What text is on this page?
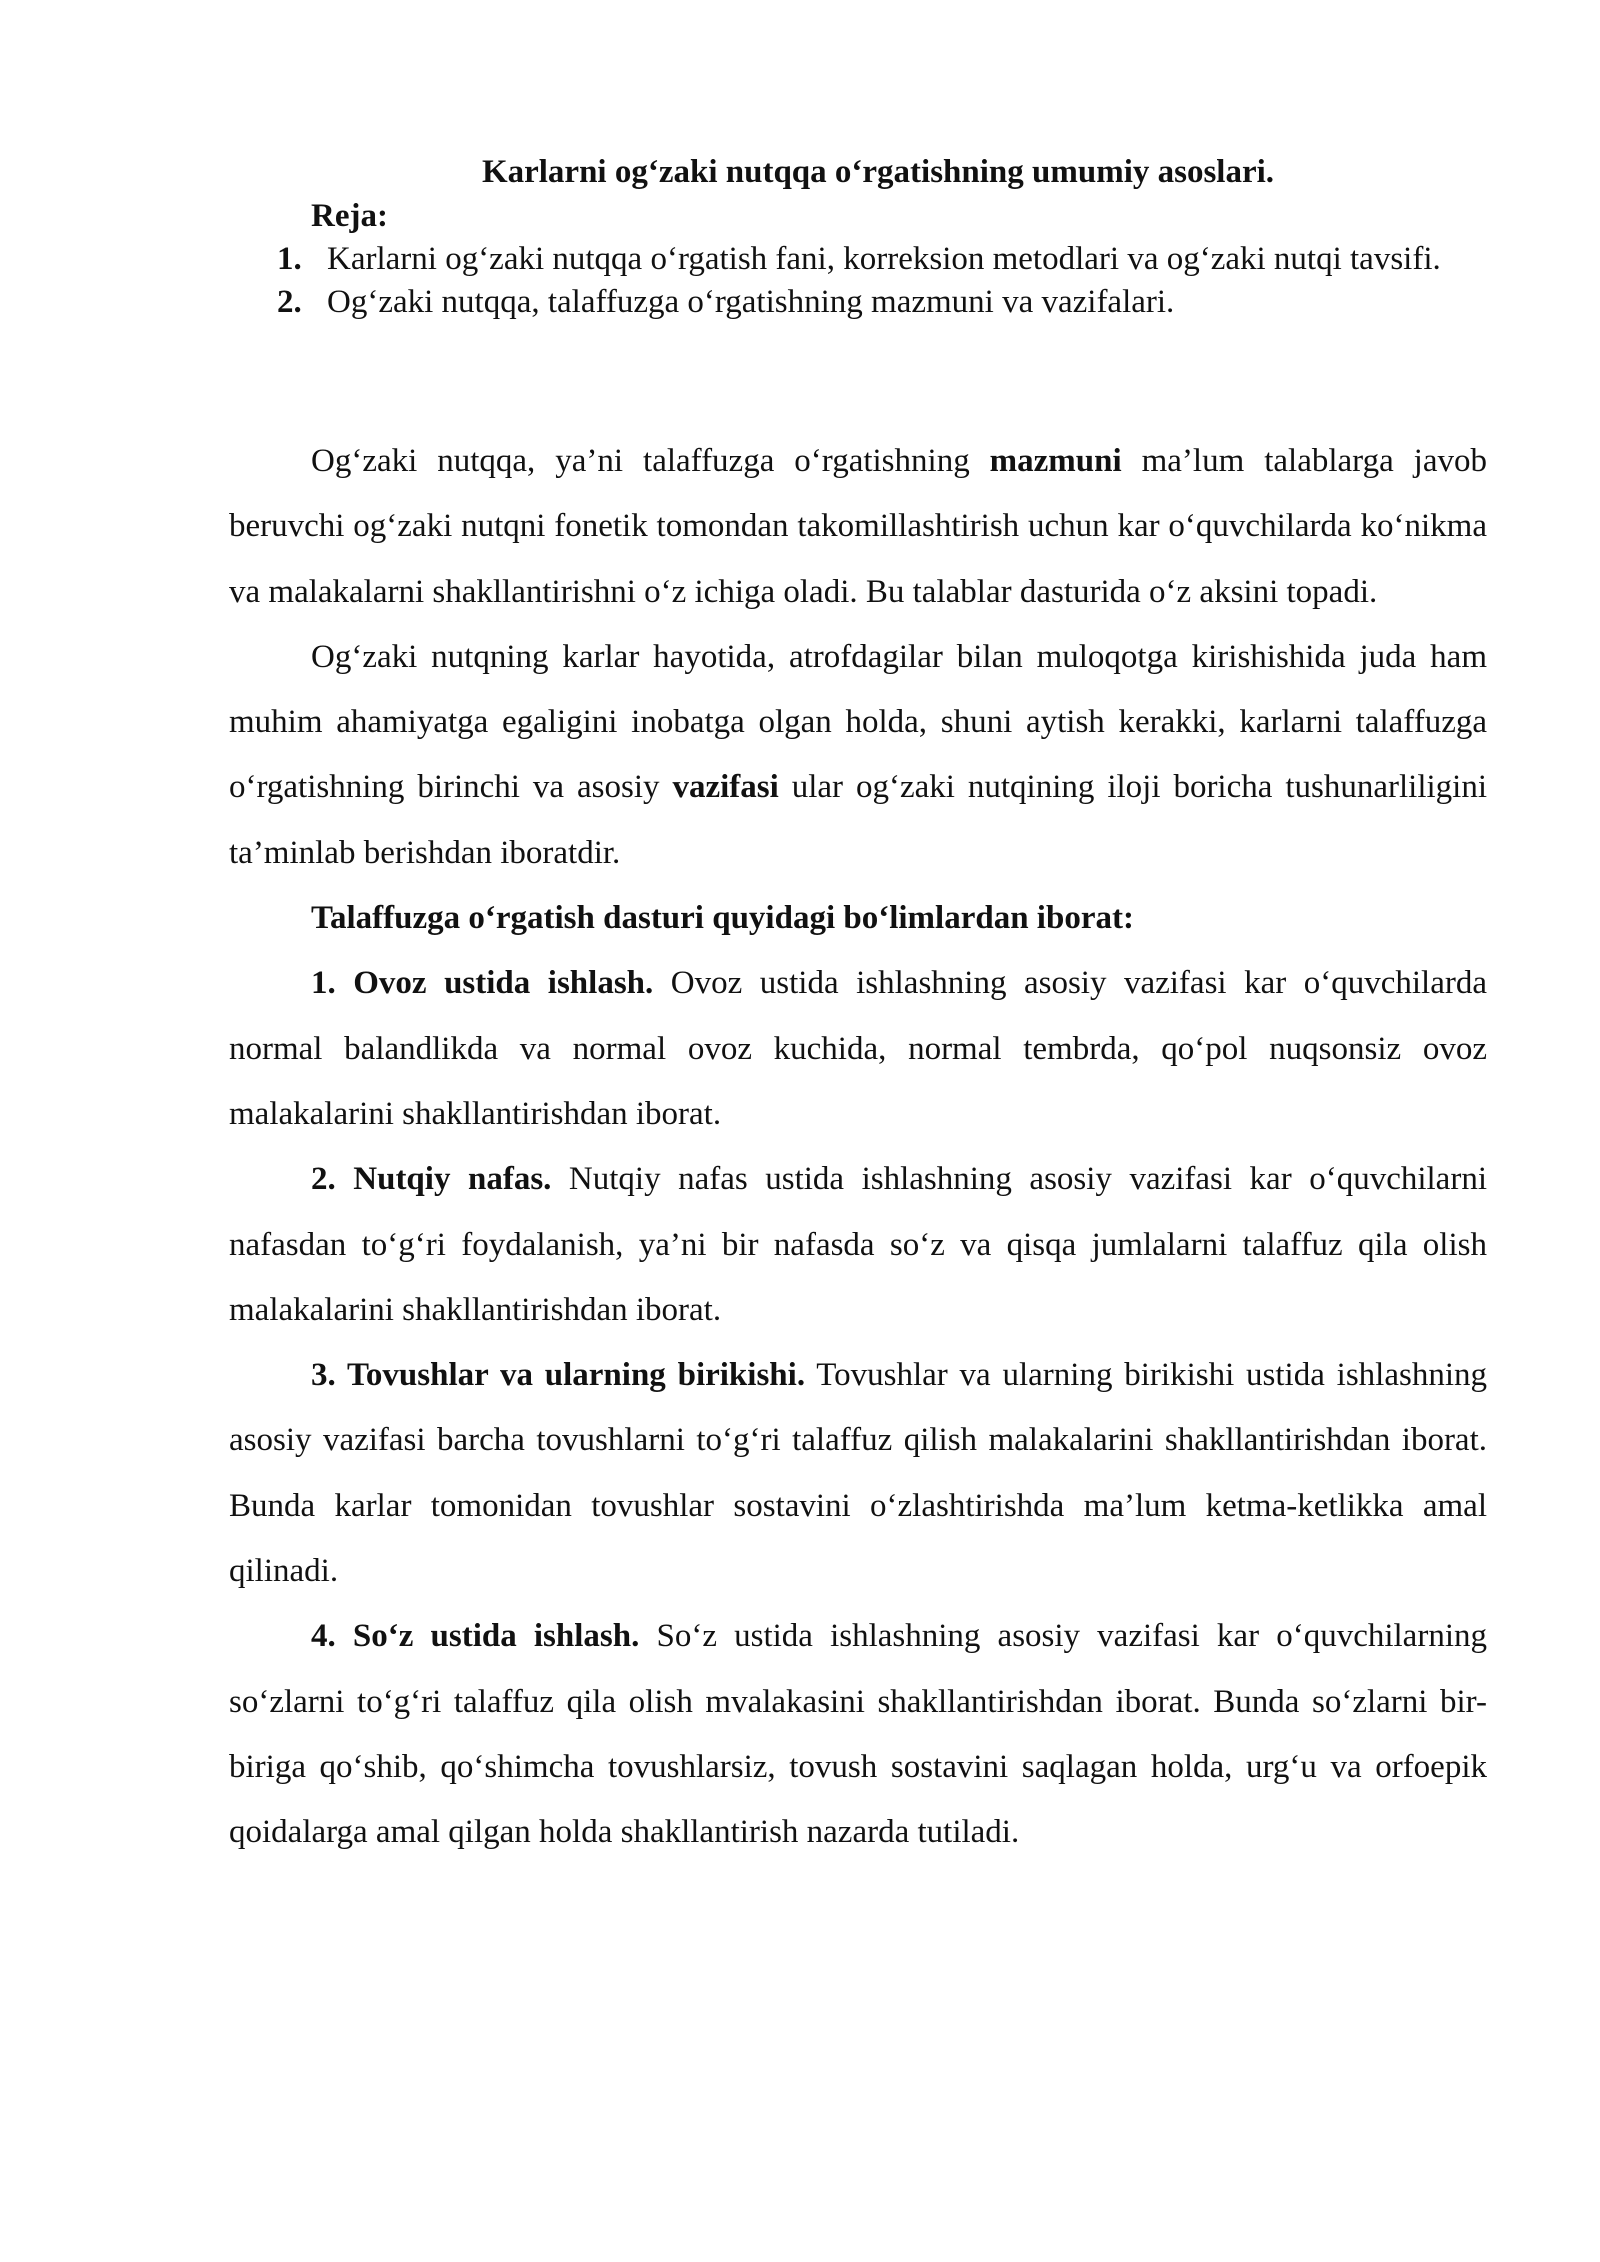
Karlarni og‘zaki nutqqa o‘rgatishning umumiy asoslari.

Reja:

1. Karlarni og‘zaki nutqqa o‘rgatish fani, korreksion metodlari va og‘zaki nutqi tavsifi.
2. Og‘zaki nutqqa, talaffuzga o‘rgatishning mazmuni va vazifalari.

Og‘zaki nutqqa, ya’ni talaffuzga o‘rgatishning mazmuni ma’lum talablarga javob beruvchi og‘zaki nutqni fonetik tomondan takomillashtirish uchun kar o‘quvchilarda ko‘nikma va malakalarni shakllantirishni o‘z ichiga oladi. Bu talablar dasturida o‘z aksini topadi.

Og‘zaki nutqning karlar hayotida, atrofdagilar bilan muloqotga kirishishida juda ham muhim ahamiyatga egaligini inobatga olgan holda, shuni aytish kerakki, karlarni talaffuzga o‘rgatishning birinchi va asosiy vazifasi ular og‘zaki nutqining iloji boricha tushunarliligini ta’minlab berishdan iboratdir.

Talaffuzga o‘rgatish dasturi quyidagi bo‘limlardan iborat:

1. Ovoz ustida ishlash. Ovoz ustida ishlashning asosiy vazifasi kar o‘quvchilarda normal balandlikda va normal ovoz kuchida, normal tembrda, qo‘pol nuqsonsiz ovoz malakalarini shakllantirishdan iborat.

2. Nutqiy nafas. Nutqiy nafas ustida ishlashning asosiy vazifasi kar o‘quvchilarni nafasdan to‘g‘ri foydalanish, ya’ni bir nafasda so‘z va qisqa jumlalarni talaffuz qila olish malakalarini shakllantirishdan iborat.

3. Tovushlar va ularning birikishi. Tovushlar va ularning birikishi ustida ishlashning asosiy vazifasi barcha tovushlarni to‘g‘ri talaffuz qilish malakalarini shakllantirishdan iborat. Bunda karlar tomonidan tovushlar sostavini o‘zlashtirishda ma’lum ketma-ketlikka amal qilinadi.

4. So‘z ustida ishlash. So‘z ustida ishlashning asosiy vazifasi kar o‘quvchilarning so‘zlarni to‘g‘ri talaffuz qila olish mvalakasini shakllantirishdan iborat. Bunda so‘zlarni bir-biriga qo‘shib, qo‘shimcha tovushlarsiz, tovush sostavini saqlagan holda, urg‘u va orfoepik qoidalarga amal qilgan holda shakllantirish nazarda tutiladi.
